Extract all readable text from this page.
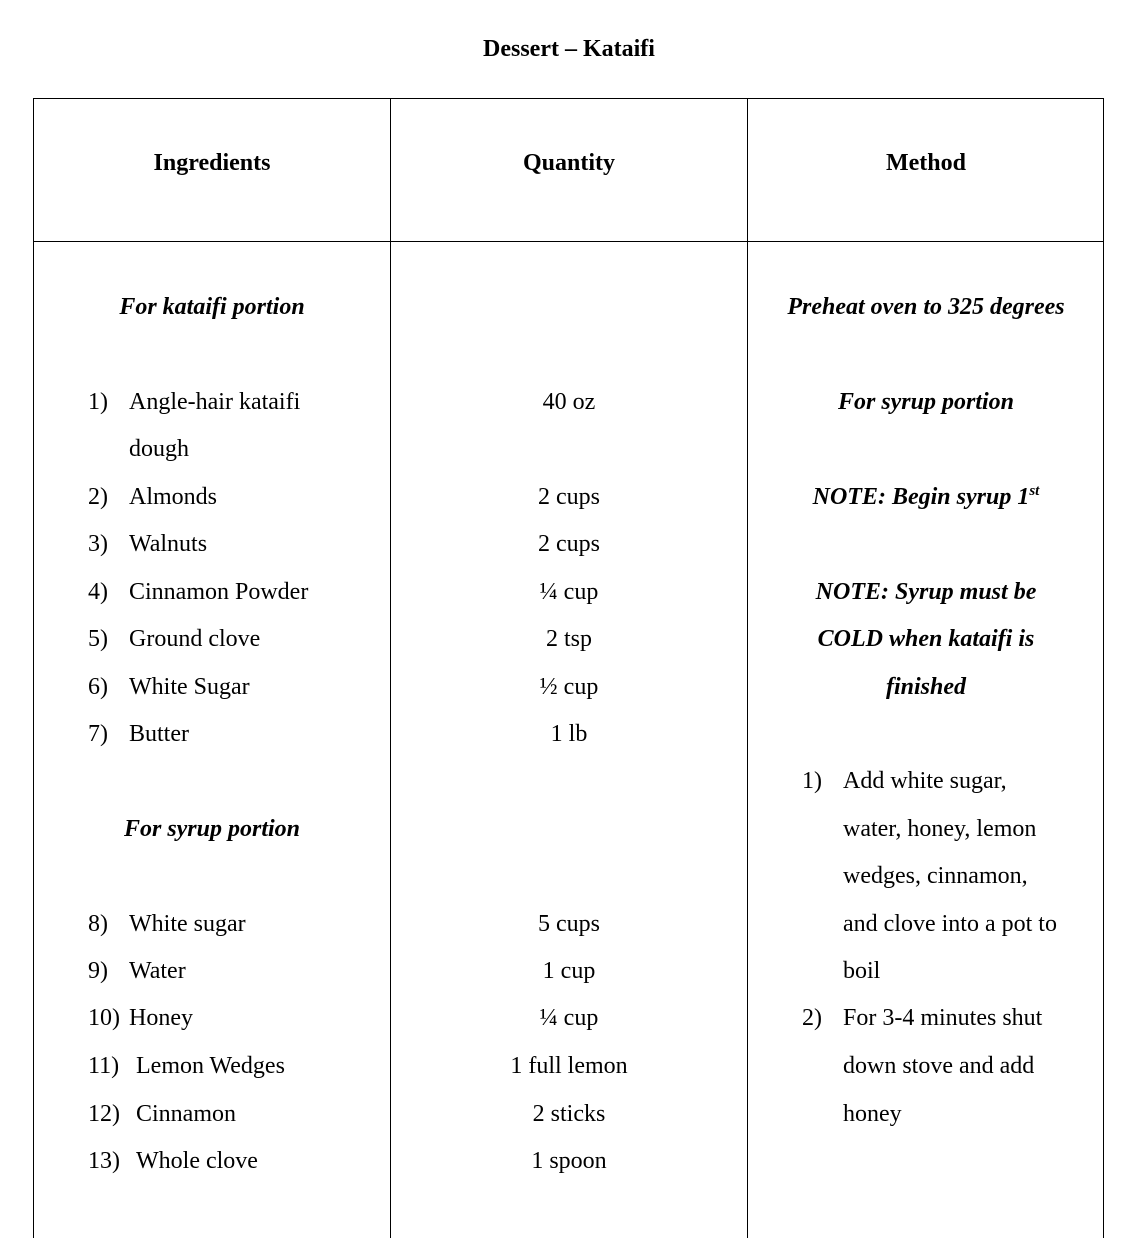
Dessert – Kataifi
Ingredients	Quantity	Method
For kataifi portion
1) Angle-hair kataifi
dough
2) Almonds
3) Walnuts
4) Cinnamon Powder
5) Ground clove
6) White Sugar
7) Butter
For syrup portion
8) White sugar
9) Water
10) Honey
11) Lemon Wedges
12) Cinnamon
13) Whole clove
40 oz
2 cups
2 cups
¼ cup
2 tsp
½ cup
1 lb
5 cups
1 cup
¼ cup
1 full lemon
2 sticks
1 spoon
Preheat oven to 325 degrees
For syrup portion
NOTE: Begin syrup 1st
NOTE: Syrup must be
COLD when kataifi is
finished
1) Add white sugar,
water, honey, lemon
wedges, cinnamon,
and clove into a pot to
boil
2) For 3-4 minutes shut
down stove and add
honey
